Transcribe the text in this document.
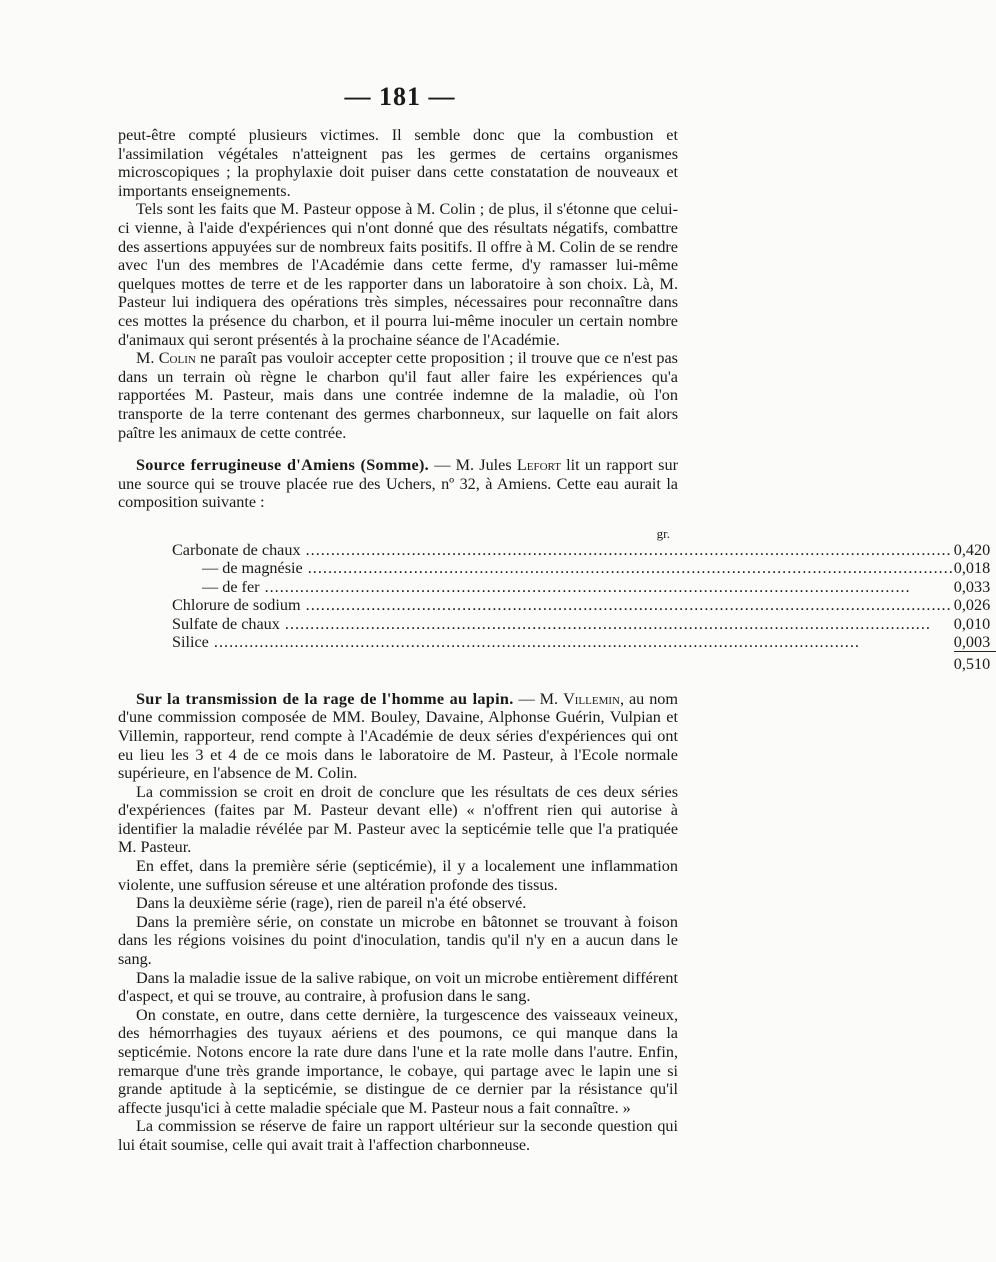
— 181 —

peut-être compté plusieurs victimes. Il semble donc que la combustion et l'assimilation végétales n'atteignent pas les germes de certains organismes microscopiques ; la prophylaxie doit puiser dans cette constatation de nouveaux et importants enseignements.

Tels sont les faits que M. Pasteur oppose à M. Colin ; de plus, il s'étonne que celui-ci vienne, à l'aide d'expériences qui n'ont donné que des résultats négatifs, combattre des assertions appuyées sur de nombreux faits positifs. Il offre à M. Colin de se rendre avec l'un des membres de l'Académie dans cette ferme, d'y ramasser lui-même quelques mottes de terre et de les rapporter dans un laboratoire à son choix. Là, M. Pasteur lui indiquera des opérations très simples, nécessaires pour reconnaître dans ces mottes la présence du charbon, et il pourra lui-même inoculer un certain nombre d'animaux qui seront présentés à la prochaine séance de l'Académie.

M. Colin ne paraît pas vouloir accepter cette proposition ; il trouve que ce n'est pas dans un terrain où règne le charbon qu'il faut aller faire les expériences qu'a rapportées M. Pasteur, mais dans une contrée indemne de la maladie, où l'on transporte de la terre contenant des germes charbonneux, sur laquelle on fait alors paître les animaux de cette contrée.

Source ferrugineuse d'Amiens (Somme). — M. Jules Lefort lit un rapport sur une source qui se trouve placée rue des Uchers, nº 32, à Amiens. Cette eau aurait la composition suivante :

gr.
Carbonate de chaux .....	0,420
— de magnésie .....	0,018
— de fer .....	0,033
Chlorure de sodium .....	0,026
Sulfate de chaux .....	0,010
Silice .....	0,003
	0,510

Sur la transmission de la rage de l'homme au lapin. — M. Villemin, au nom d'une commission composée de MM. Bouley, Davaine, Alphonse Guérin, Vulpian et Villemin, rapporteur, rend compte à l'Académie de deux séries d'expériences qui ont eu lieu les 3 et 4 de ce mois dans le laboratoire de M. Pasteur, à l'Ecole normale supérieure, en l'absence de M. Colin.

La commission se croit en droit de conclure que les résultats de ces deux séries d'expériences (faites par M. Pasteur devant elle) « n'offrent rien qui autorise à identifier la maladie révélée par M. Pasteur avec la septicémie telle que l'a pratiquée M. Pasteur.

En effet, dans la première série (septicémie), il y a localement une inflammation violente, une suffusion séreuse et une altération profonde des tissus.

Dans la deuxième série (rage), rien de pareil n'a été observé.

Dans la première série, on constate un microbe en bâtonnet se trouvant à foison dans les régions voisines du point d'inoculation, tandis qu'il n'y en a aucun dans le sang.

Dans la maladie issue de la salive rabique, on voit un microbe entièrement différent d'aspect, et qui se trouve, au contraire, à profusion dans le sang.

On constate, en outre, dans cette dernière, la turgescence des vaisseaux veineux, des hémorrhagies des tuyaux aériens et des poumons, ce qui manque dans la septicémie. Notons encore la rate dure dans l'une et la rate molle dans l'autre. Enfin, remarque d'une très grande importance, le cobaye, qui partage avec le lapin une si grande aptitude à la septicémie, se distingue de ce dernier par la résistance qu'il affecte jusqu'ici à cette maladie spéciale que M. Pasteur nous a fait connaître. »

La commission se réserve de faire un rapport ultérieur sur la seconde question qui lui était soumise, celle qui avait trait à l'affection charbonneuse.
